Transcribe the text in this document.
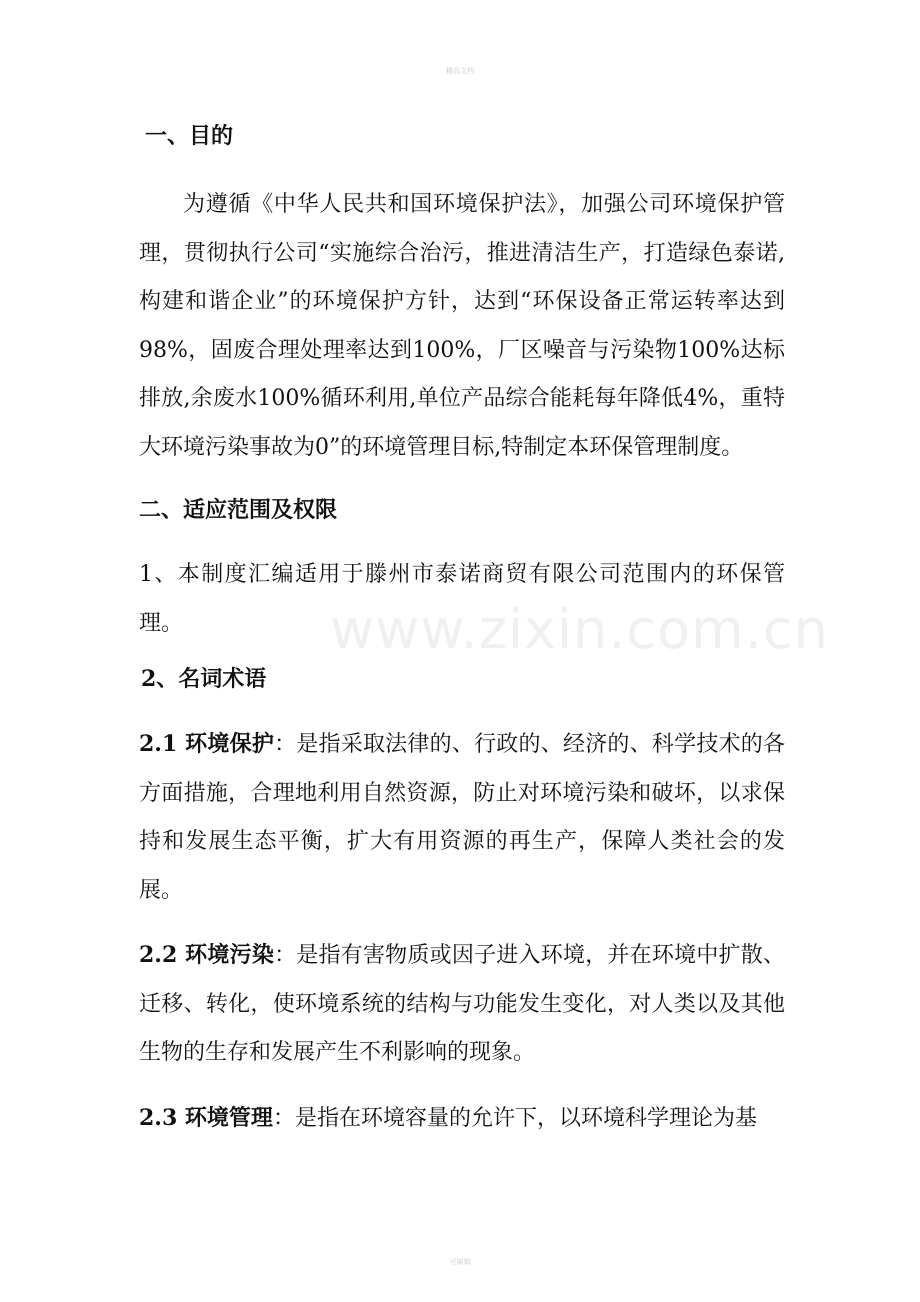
精品文档
www.zixin.com.cn
一、目的

为遵循《中华人民共和国环境保护法》，加强公司环境保护管理，贯彻执行公司“实施综合治污，推进清洁生产，打造绿色泰诺,构建和谐企业”的环境保护方针，达到“环保设备正常运转率达到98%，固废合理处理率达到100%，厂区噪音与污染物100%达标排放,余废水100%循环利用,单位产品综合能耗每年降低4%，重特大环境污染事故为0”的环境管理目标,特制定本环保管理制度。

二、适应范围及权限

1、本制度汇编适用于滕州市泰诺商贸有限公司范围内的环保管理。

2、名词术语

2.1 环境保护：是指采取法律的、行政的、经济的、科学技术的各方面措施，合理地利用自然资源，防止对环境污染和破坏，以求保持和发展生态平衡，扩大有用资源的再生产，保障人类社会的发展。

2.2 环境污染：是指有害物质或因子进入环境，并在环境中扩散、迁移、转化，使环境系统的结构与功能发生变化，对人类以及其他生物的生存和发展产生不利影响的现象。

2.3 环境管理：是指在环境容量的允许下，以环境科学理论为基

可编辑
